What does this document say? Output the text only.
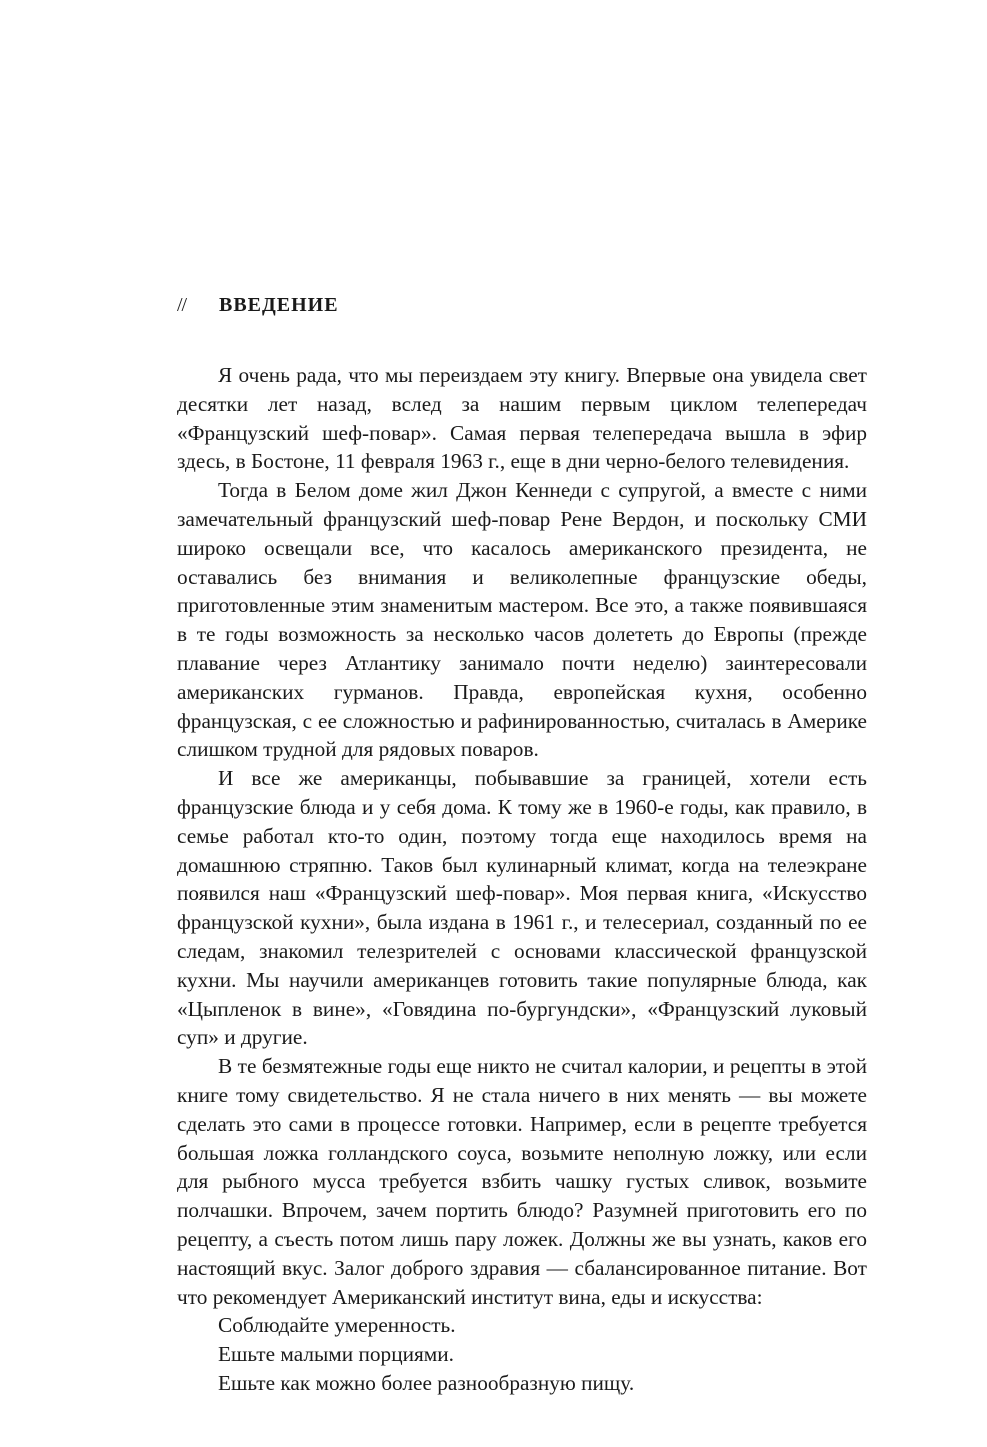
// ВВЕДЕНИЕ

Я очень рада, что мы переиздаем эту книгу. Впервые она увидела свет десятки лет назад, вслед за нашим первым циклом телепередач «Французский шеф-повар». Самая первая телепередача вышла в эфир здесь, в Бостоне, 11 февраля 1963 г., еще в дни черно-белого телевидения.

Тогда в Белом доме жил Джон Кеннеди с супругой, а вместе с ними замечательный французский шеф-повар Рене Вердон, и поскольку СМИ широко освещали все, что касалось американского президента, не оставались без внимания и великолепные французские обеды, приготовленные этим знаменитым мастером. Все это, а также появившаяся в те годы возможность за несколько часов долететь до Европы (прежде плавание через Атлантику занимало почти неделю) заинтересовали американских гурманов. Правда, европейская кухня, особенно французская, с ее сложностью и рафинированностью, считалась в Америке слишком трудной для рядовых поваров.

И все же американцы, побывавшие за границей, хотели есть французские блюда и у себя дома. К тому же в 1960-е годы, как правило, в семье работал кто-то один, поэтому тогда еще находилось время на домашнюю стряпню. Таков был кулинарный климат, когда на телеэкране появился наш «Французский шеф-повар». Моя первая книга, «Искусство французской кухни», была издана в 1961 г., и телесериал, созданный по ее следам, знакомил телезрителей с основами классической французской кухни. Мы научили американцев готовить такие популярные блюда, как «Цыпленок в вине», «Говядина по-бургундски», «Французский луковый суп» и другие.

В те безмятежные годы еще никто не считал калории, и рецепты в этой книге тому свидетельство. Я не стала ничего в них менять — вы можете сделать это сами в процессе готовки. Например, если в рецепте требуется большая ложка голландского соуса, возьмите неполную ложку, или если для рыбного мусса требуется взбить чашку густых сливок, возьмите полчашки. Впрочем, зачем портить блюдо? Разумней приготовить его по рецепту, а съесть потом лишь пару ложек. Должны же вы узнать, каков его настоящий вкус. Залог доброго здравия — сбалансированное питание. Вот что рекомендует Американский институт вина, еды и искусства:

Соблюдайте умеренность.

Ешьте малыми порциями.

Ешьте как можно более разнообразную пищу.
